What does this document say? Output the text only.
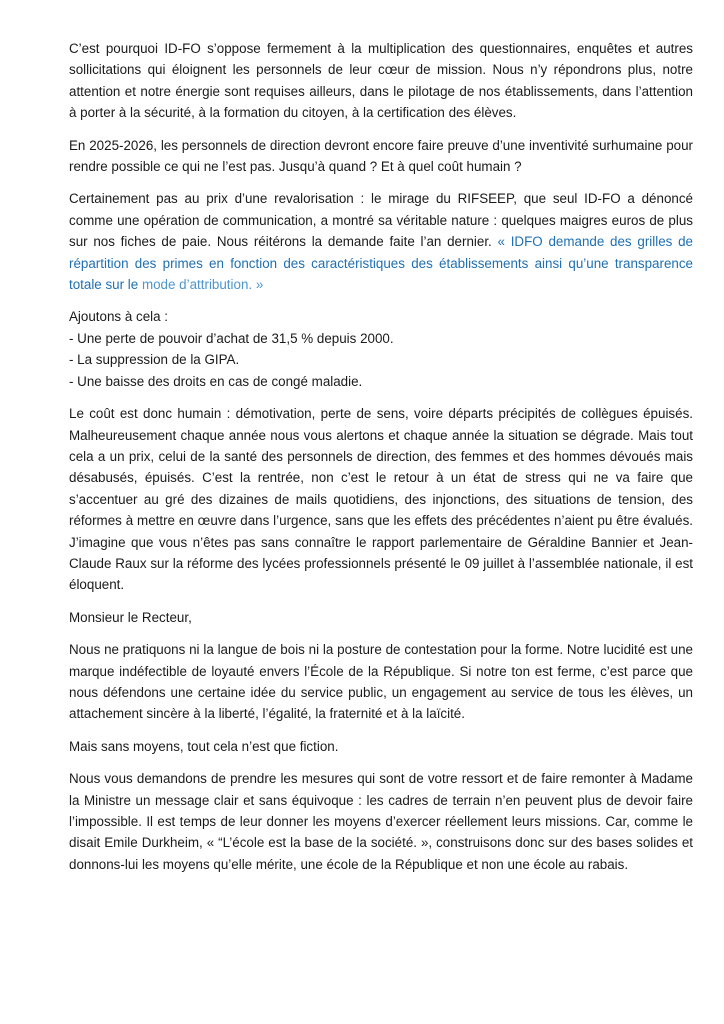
C’est pourquoi ID-FO s’oppose fermement à la multiplication des questionnaires, enquêtes et autres sollicitations qui éloignent les personnels de leur cœur de mission. Nous n’y répondrons plus, notre attention et notre énergie sont requises ailleurs, dans le pilotage de nos établissements, dans l’attention à porter à la sécurité, à la formation du citoyen, à la certification des élèves.

En 2025-2026, les personnels de direction devront encore faire preuve d’une inventivité surhumaine pour rendre possible ce qui ne l’est pas. Jusqu’à quand ? Et à quel coût humain ?

Certainement pas au prix d’une revalorisation : le mirage du RIFSEEP, que seul ID-FO a dénoncé comme une opération de communication, a montré sa véritable nature : quelques maigres euros de plus sur nos fiches de paie. Nous réitérons la demande faite l’an dernier. « IDFO demande des grilles de répartition des primes en fonction des caractéristiques des établissements ainsi qu’une transparence totale sur le mode d’attribution. »

Ajoutons à cela :
- Une perte de pouvoir d’achat de 31,5 % depuis 2000.
- La suppression de la GIPA.
- Une baisse des droits en cas de congé maladie.

Le coût est donc humain : démotivation, perte de sens, voire départs précipités de collègues épuisés. Malheureusement chaque année nous vous alertons et chaque année la situation se dégrade. Mais tout cela a un prix, celui de la santé des personnels de direction, des femmes et des hommes dévoués mais désabusés, épuisés. C’est la rentrée, non c’est le retour à un état de stress qui ne va faire que s’accentuer au gré des dizaines de mails quotidiens, des injonctions, des situations de tension, des réformes à mettre en œuvre dans l’urgence, sans que les effets des précédentes n’aient pu être évalués. J’imagine que vous n’êtes pas sans connaître le rapport parlementaire de Géraldine Bannier et Jean-Claude Raux sur la réforme des lycées professionnels présenté le 09 juillet à l’assemblée nationale, il est éloquent.

Monsieur le Recteur,

Nous ne pratiquons ni la langue de bois ni la posture de contestation pour la forme. Notre lucidité est une marque indéfectible de loyauté envers l’École de la République. Si notre ton est ferme, c’est parce que nous défendons une certaine idée du service public, un engagement au service de tous les élèves, un attachement sincère à la liberté, l’égalité, la fraternité et à la laïcité.

Mais sans moyens, tout cela n’est que fiction.

Nous vous demandons de prendre les mesures qui sont de votre ressort et de faire remonter à Madame la Ministre un message clair et sans équivoque : les cadres de terrain n’en peuvent plus de devoir faire l’impossible. Il est temps de leur donner les moyens d’exercer réellement leurs missions. Car, comme le disait Emile Durkheim, « “L’école est la base de la société. », construisons donc sur des bases solides et donnons-lui les moyens qu’elle mérite, une école de la République et non une école au rabais.
